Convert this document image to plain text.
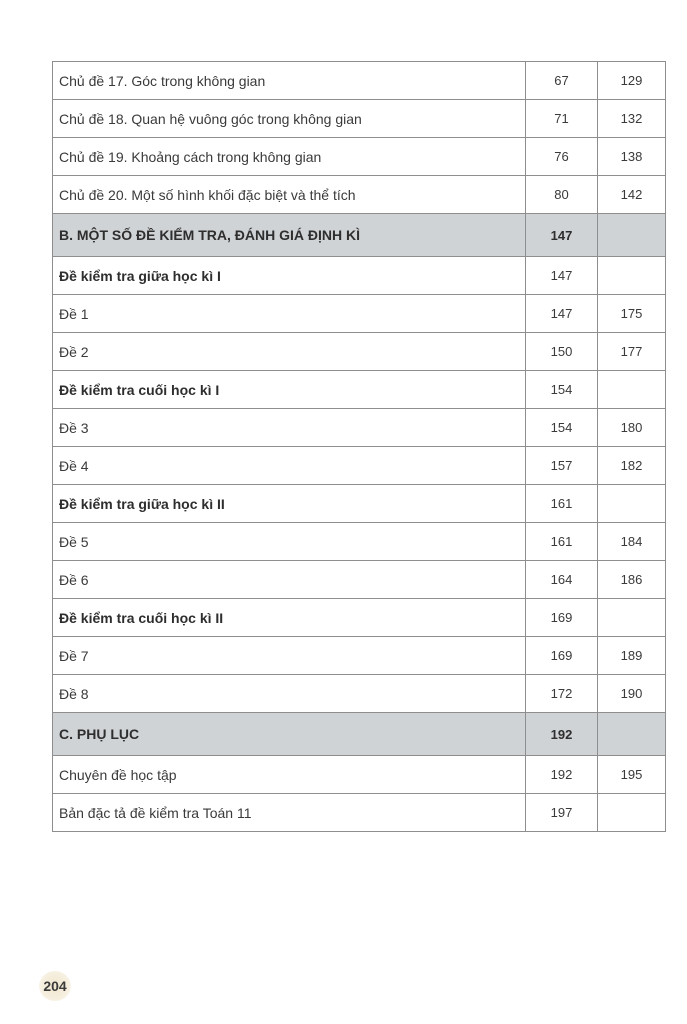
Chủ đề 17. Góc trong không gian	67	129
Chủ đề 18. Quan hệ vuông góc trong không gian	71	132
Chủ đề 19. Khoảng cách trong không gian	76	138
Chủ đề 20. Một số hình khối đặc biệt và thể tích	80	142
B. MỘT SỐ ĐỀ KIỂM TRA, ĐÁNH GIÁ ĐỊNH KÌ	147	
Đề kiểm tra giữa học kì I	147	
Đề 1	147	175
Đề 2	150	177
Đề kiểm tra cuối học kì I	154	
Đề 3	154	180
Đề 4	157	182
Đề kiểm tra giữa học kì II	161	
Đề 5	161	184
Đề 6	164	186
Đề kiểm tra cuối học kì II	169	
Đề 7	169	189
Đề 8	172	190
C. PHỤ LỤC	192	
Chuyên đề học tập	192	195
Bản đặc tả đề kiểm tra Toán 11	197	
204
